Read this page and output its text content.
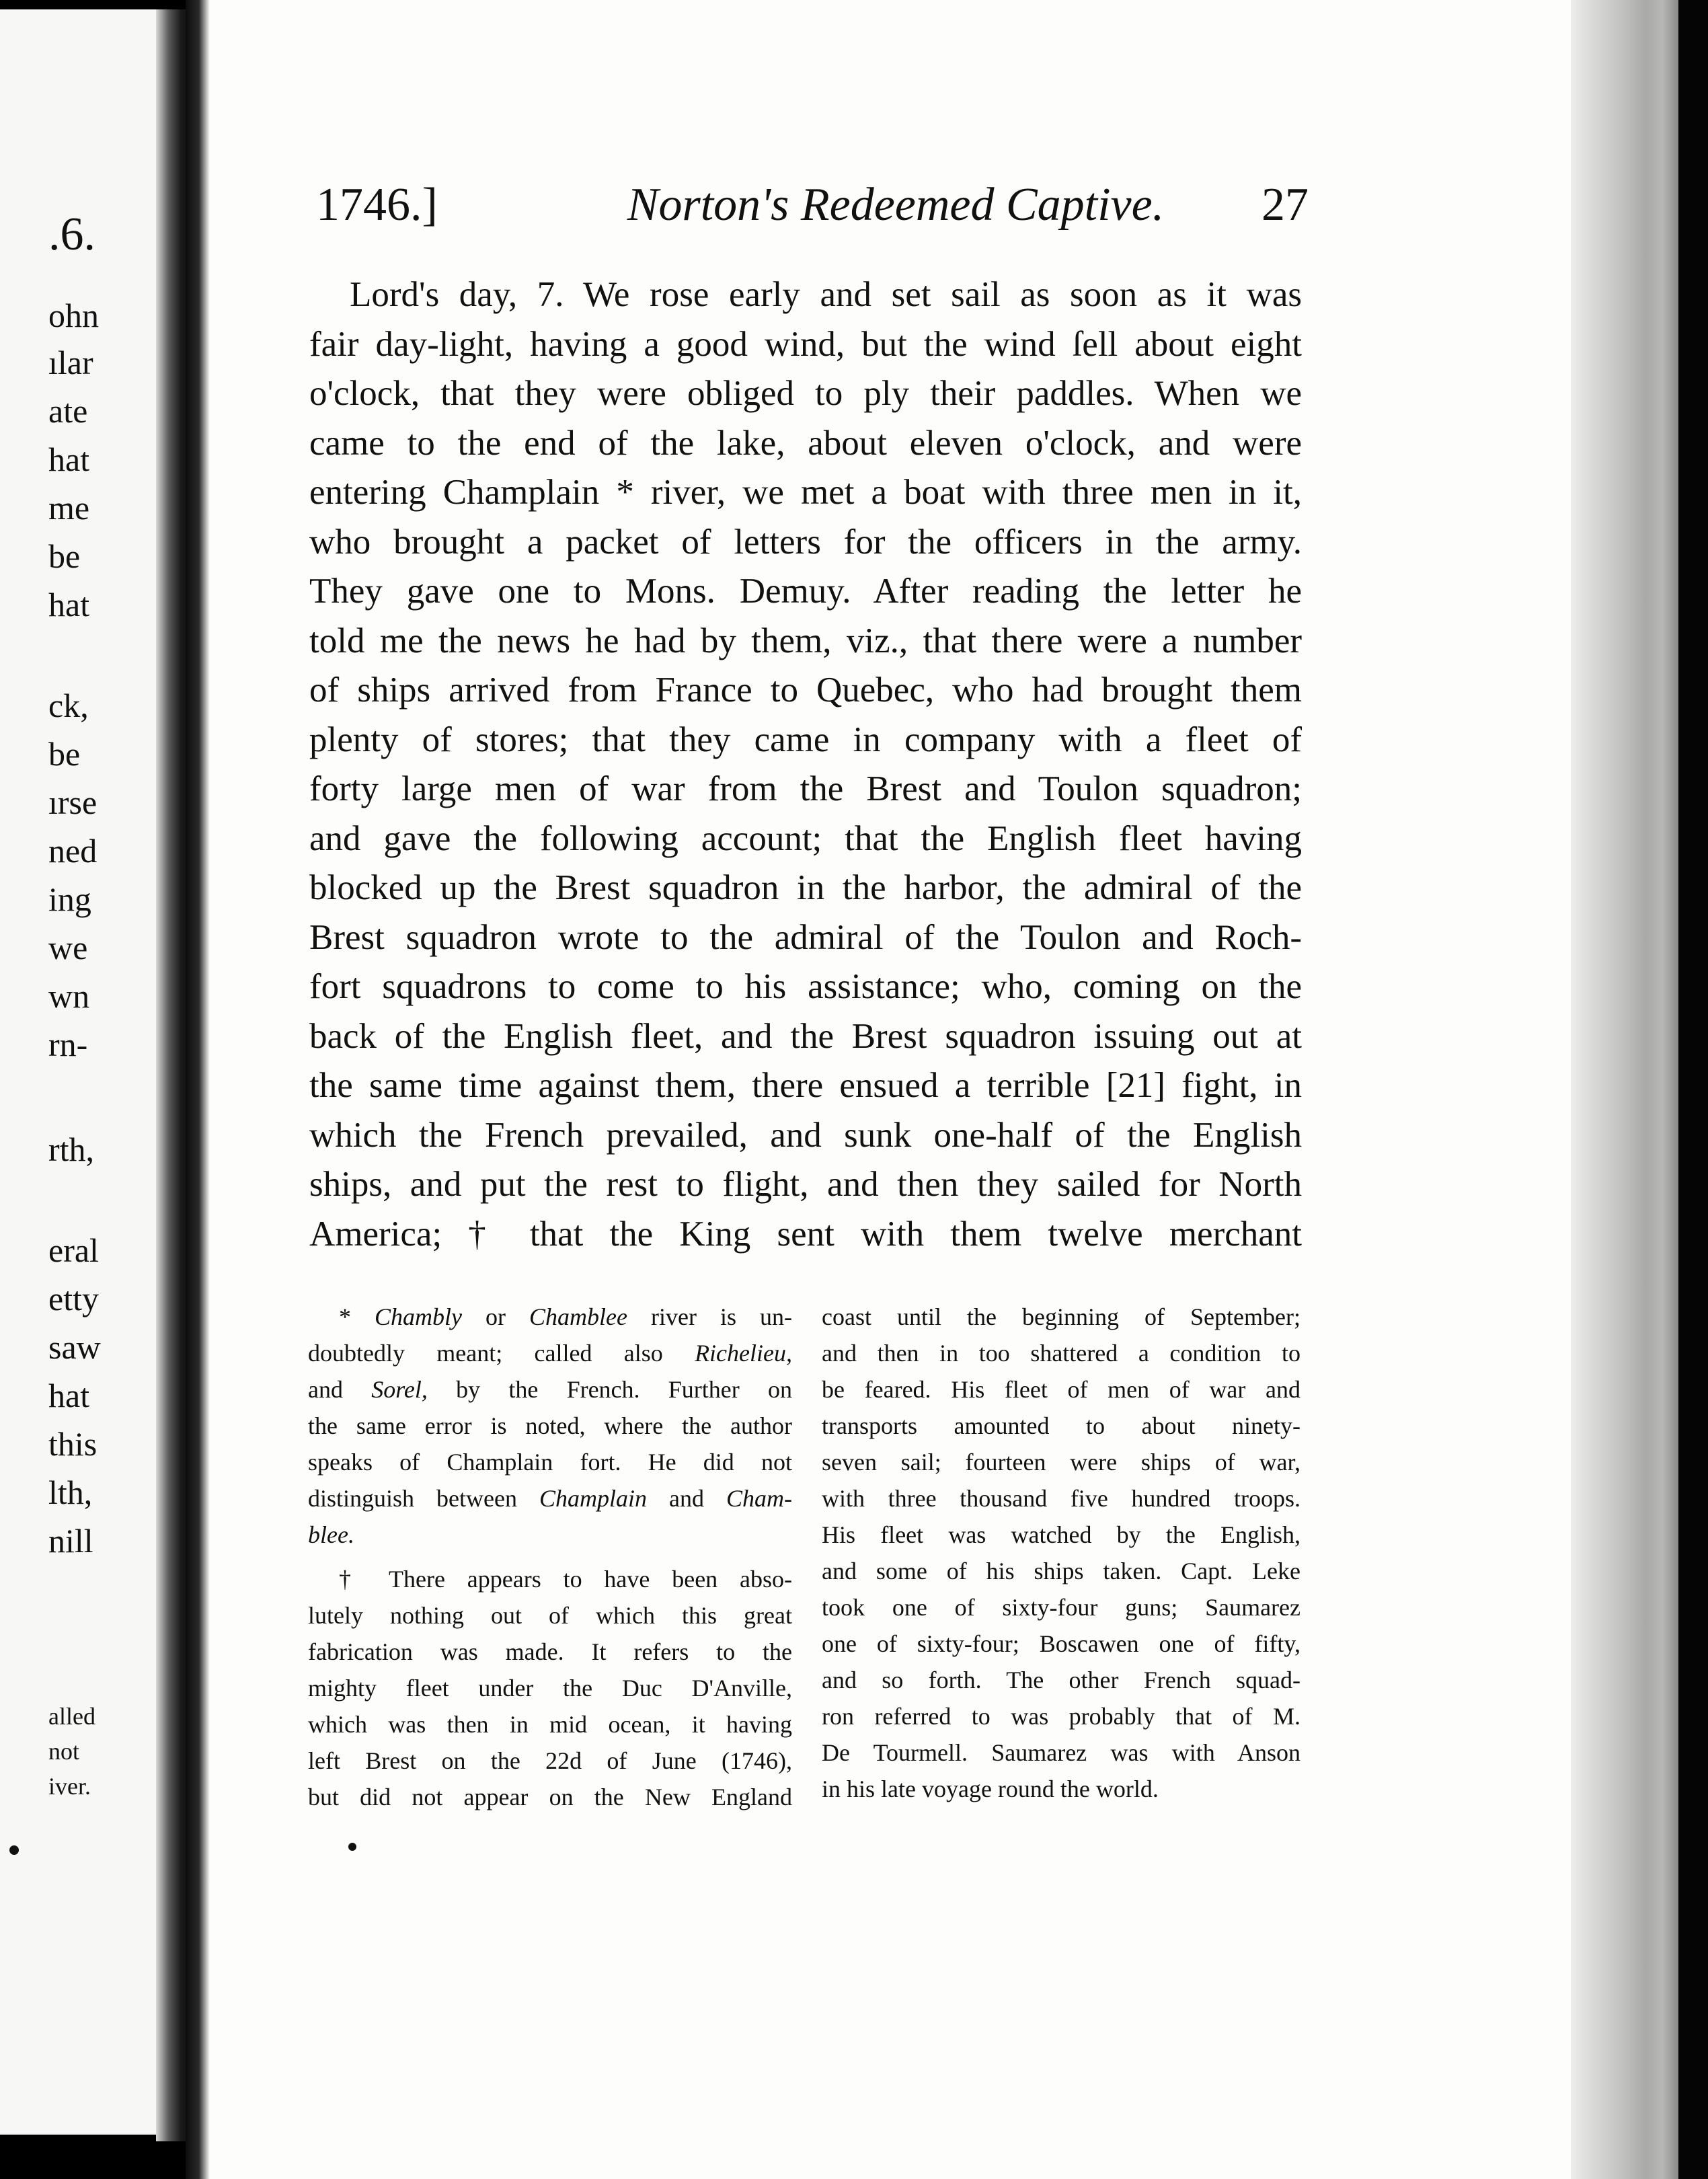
.6.
ohn
ılar
ate
hat
me
be
hat
ck,
be
ırse
ned
ing
we
wn
rn-
rth,
eral
etty
saw
hat
this
lth,
nill
alled
not
iver.
1746.]	Norton's Redeemed Captive. 27
Lord's day, 7. We rose early and set sail as soon as it was
fair day-light, having a good wind, but the wind ſell about eight
o'clock, that they were obliged to ply their paddles. When we
came to the end of the lake, about eleven o'clock, and were
entering Champlain * river, we met a boat with three men in it,
who brought a packet of letters for the officers in the army.
They gave one to Mons. Demuy. After reading the letter he
told me the news he had by them, viz., that there were a number
of ships arrived from France to Quebec, who had brought them
plenty of stores; that they came in company with a fleet of
forty large men of war from the Brest and Toulon squadron;
and gave the following account; that the English fleet having
blocked up the Brest squadron in the harbor, the admiral of the
Brest squadron wrote to the admiral of the Toulon and Roch-
fort squadrons to come to his assistance; who, coming on the
back of the English fleet, and the Brest squadron issuing out at
the same time against them, there ensued a terrible [21] fight, in
which the French prevailed, and sunk one-half of the English
ships, and put the rest to flight, and then they sailed for North
America; † that the King sent with them twelve merchant
* Chambly or Chamblee river is un-
doubtedly meant; called also Richelieu,
and Sorel, by the French. Further on
the same error is noted, where the author
speaks of Champlain fort. He did not
distinguish between Champlain and Cham-
blee.
† There appears to have been abso-
lutely nothing out of which this great
fabrication was made. It refers to the
mighty fleet under the Duc D'Anville,
which was then in mid ocean, it having
left Brest on the 22d of June (1746),
but did not appear on the New England
coast until the beginning of September;
and then in too shattered a condition to
be feared. His fleet of men of war and
transports amounted to about ninety-
seven sail; fourteen were ships of war,
with three thousand five hundred troops.
His fleet was watched by the English,
and some of his ships taken. Capt. Leke
took one of sixty-four guns; Saumarez
one of sixty-four; Boscawen one of fifty,
and so forth. The other French squad-
ron referred to was probably that of M.
De Tourmell. Saumarez was with Anson
in his late voyage round the world.
